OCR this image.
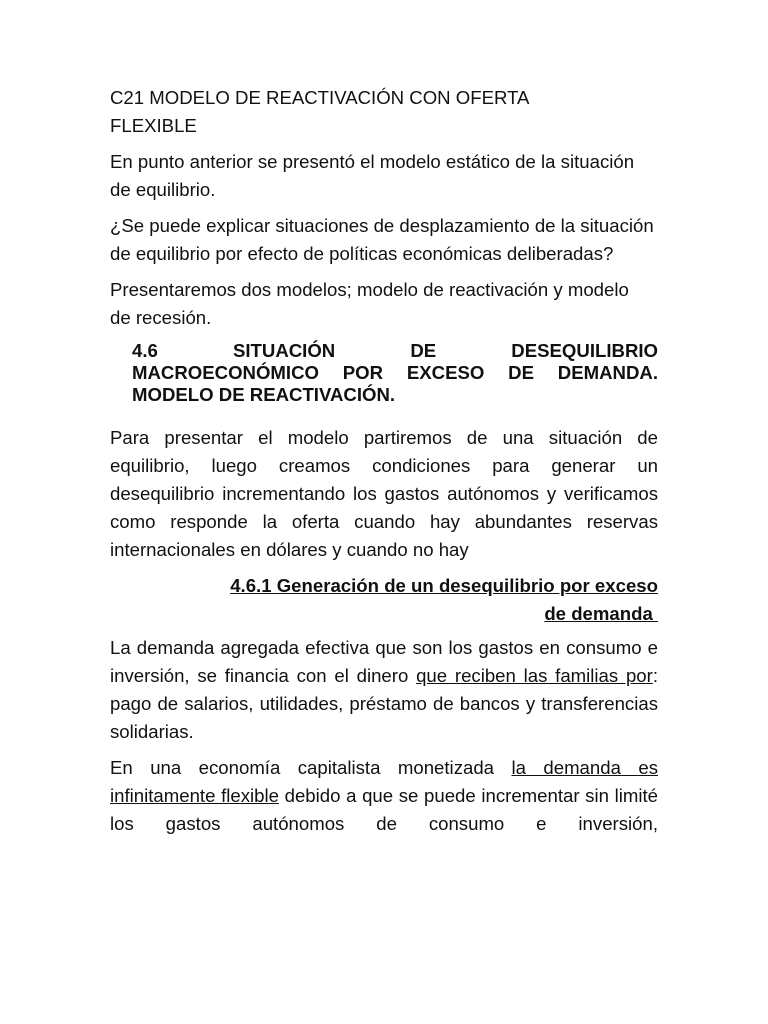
C21 MODELO DE REACTIVACIÓN CON OFERTA
FLEXIBLE

En punto anterior se presentó el modelo estático de la situación de equilibrio.

¿Se puede explicar situaciones de desplazamiento de la situación de equilibrio por efecto de políticas económicas deliberadas?

Presentaremos dos modelos; modelo de reactivación y modelo de recesión.

4.6	SITUACIÓN	DE	DESEQUILIBRIO
MACROECONÓMICO POR EXCESO DE DEMANDA. MODELO DE REACTIVACIÓN.

Para presentar el modelo partiremos de una situación de equilibrio, luego creamos condiciones para generar un desequilibrio incrementando los gastos autónomos y verificamos como responde la oferta cuando hay abundantes reservas internacionales en dólares y cuando no hay

4.6.1 Generación de un desequilibrio por exceso
de demanda

La demanda agregada efectiva que son los gastos en consumo e inversión, se financia con el dinero que reciben las familias por: pago de salarios, utilidades, préstamo de bancos y transferencias solidarias.

En una economía capitalista monetizada la demanda es infinitamente flexible debido a que se puede incrementar sin limité los gastos autónomos de consumo e inversión,
